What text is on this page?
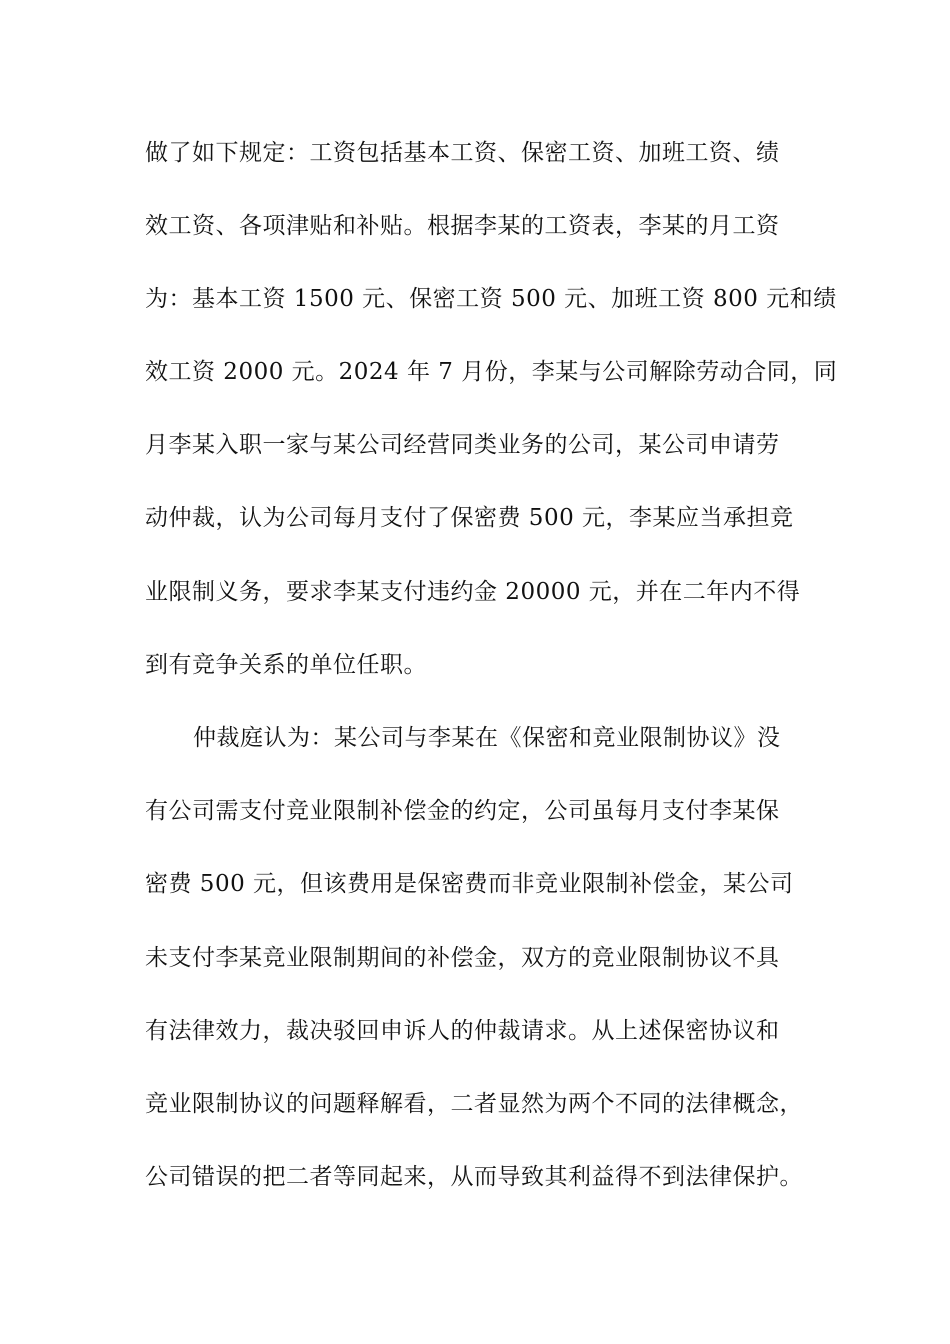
做了如下规定：工资包括基本工资、保密工资、加班工资、绩
效工资、各项津贴和补贴。根据李某的工资表，李某的月工资
为：基本工资 1500 元、保密工资 500 元、加班工资 800 元和绩
效工资 2000 元。2024 年 7 月份，李某与公司解除劳动合同，同
月李某入职一家与某公司经营同类业务的公司，某公司申请劳
动仲裁，认为公司每月支付了保密费 500 元，李某应当承担竞
业限制义务，要求李某支付违约金 20000 元，并在二年内不得
到有竞争关系的单位任职。
仲裁庭认为：某公司与李某在《保密和竞业限制协议》没
有公司需支付竞业限制补偿金的约定，公司虽每月支付李某保
密费 500 元，但该费用是保密费而非竞业限制补偿金，某公司
未支付李某竞业限制期间的补偿金，双方的竞业限制协议不具
有法律效力，裁决驳回申诉人的仲裁请求。从上述保密协议和
竞业限制协议的问题释解看，二者显然为两个不同的法律概念，
公司错误的把二者等同起来，从而导致其利益得不到法律保护。
